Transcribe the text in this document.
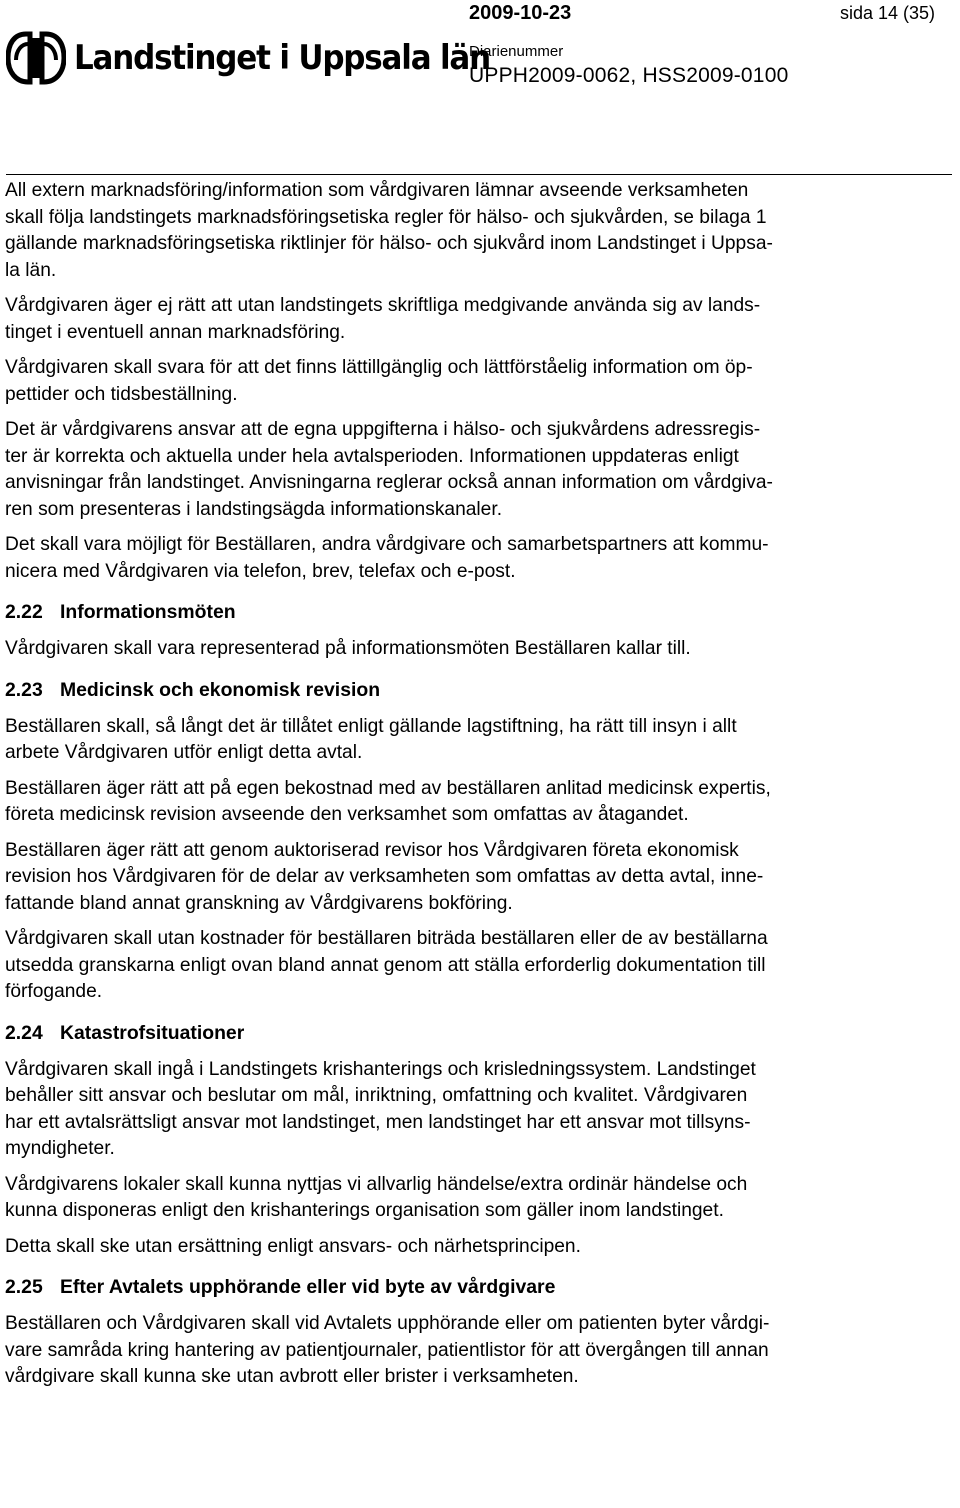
Landstinget i Uppsala län
2009-10-23	sida 14 (35)
Diarienummer
UPPH2009-0062, HSS2009-0100
All extern marknadsföring/information som vårdgivaren lämnar avseende verksamheten
skall följa landstingets marknadsföringsetiska regler för hälso- och sjukvården, se bilaga 1
gällande marknadsföringsetiska riktlinjer för hälso- och sjukvård inom Landstinget i Uppsa-
la län.
Vårdgivaren äger ej rätt att utan landstingets skriftliga medgivande använda sig av lands-
tinget i eventuell annan marknadsföring.
Vårdgivaren skall svara för att det finns lättillgänglig och lättförståelig information om öp-
pettider och tidsbeställning.
Det är vårdgivarens ansvar att de egna uppgifterna i hälso- och sjukvårdens adressregis-
ter är korrekta och aktuella under hela avtalsperioden. Informationen uppdateras enligt
anvisningar från landstinget. Anvisningarna reglerar också annan information om vårdgiva-
ren som presenteras i landstingsägda informationskanaler.
Det skall vara möjligt för Beställaren, andra vårdgivare och samarbetspartners att kommu-
nicera med Vårdgivaren via telefon, brev, telefax och e-post.
2.22 Informationsmöten
Vårdgivaren skall vara representerad på informationsmöten Beställaren kallar till.
2.23 Medicinsk och ekonomisk revision
Beställaren skall, så långt det är tillåtet enligt gällande lagstiftning, ha rätt till insyn i allt
arbete Vårdgivaren utför enligt detta avtal.
Beställaren äger rätt att på egen bekostnad med av beställaren anlitad medicinsk expertis,
företa medicinsk revision avseende den verksamhet som omfattas av åtagandet.
Beställaren äger rätt att genom auktoriserad revisor hos Vårdgivaren företa ekonomisk
revision hos Vårdgivaren för de delar av verksamheten som omfattas av detta avtal, inne-
fattande bland annat granskning av Vårdgivarens bokföring.
Vårdgivaren skall utan kostnader för beställaren biträda beställaren eller de av beställarna
utsedda granskarna enligt ovan bland annat genom att ställa erforderlig dokumentation till
förfogande.
2.24 Katastrofsituationer
Vårdgivaren skall ingå i Landstingets krishanterings och krisledningssystem. Landstinget
behåller sitt ansvar och beslutar om mål, inriktning, omfattning och kvalitet. Vårdgivaren
har ett avtalsrättsligt ansvar mot landstinget, men landstinget har ett ansvar mot tillsyns-
myndigheter.
Vårdgivarens lokaler skall kunna nyttjas vi allvarlig händelse/extra ordinär händelse och
kunna disponeras enligt den krishanterings organisation som gäller inom landstinget.
Detta skall ske utan ersättning enligt ansvars- och närhetsprincipen.
2.25 Efter Avtalets upphörande eller vid byte av vårdgivare
Beställaren och Vårdgivaren skall vid Avtalets upphörande eller om patienten byter vårdgi-
vare samråda kring hantering av patientjournaler, patientlistor för att övergången till annan
vårdgivare skall kunna ske utan avbrott eller brister i verksamheten.
